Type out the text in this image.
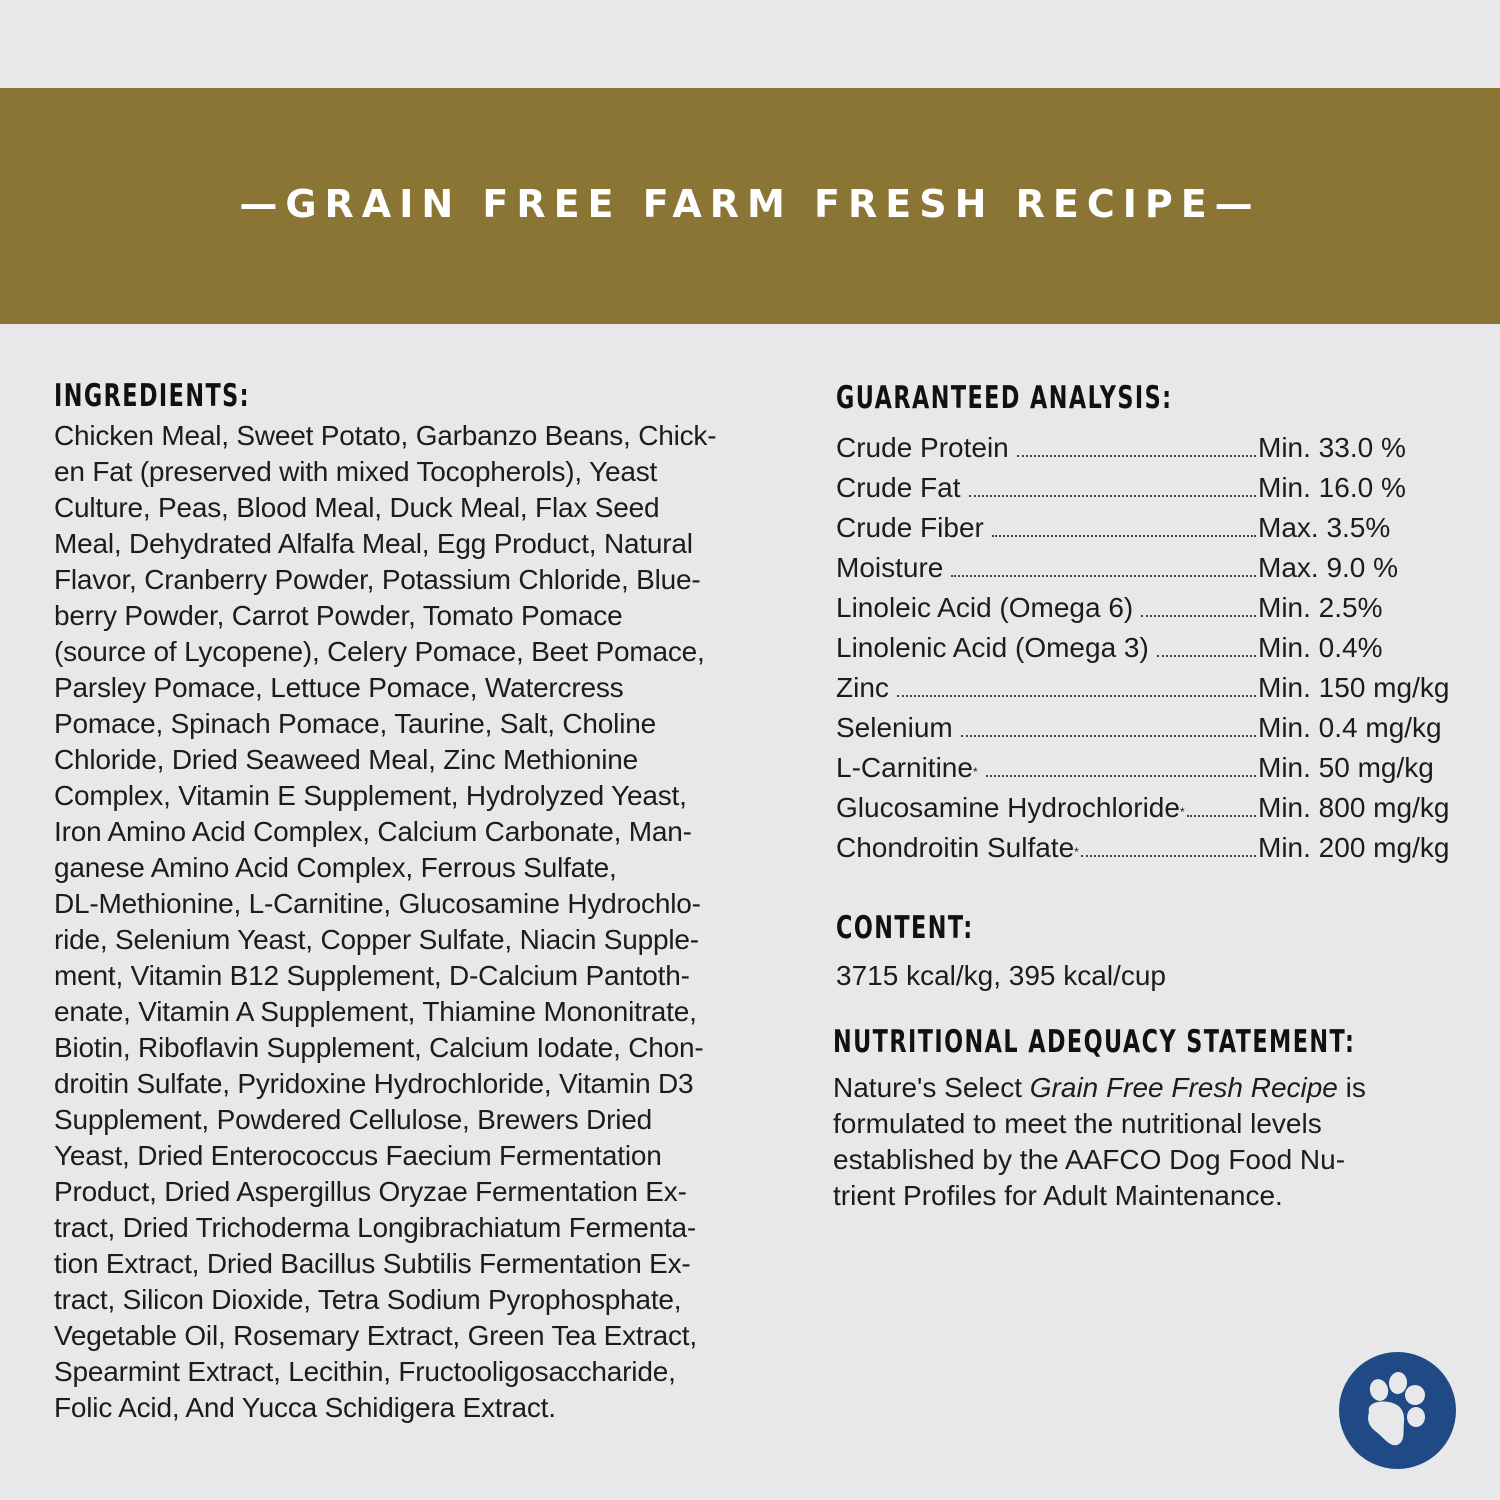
—GRAIN FREE FARM FRESH RECIPE—
INGREDIENTS:
Chicken Meal, Sweet Potato, Garbanzo Beans, Chick-
en Fat (preserved with mixed Tocopherols), Yeast
Culture, Peas, Blood Meal, Duck Meal, Flax Seed
Meal, Dehydrated Alfalfa Meal, Egg Product, Natural
Flavor, Cranberry Powder, Potassium Chloride, Blue-
berry Powder, Carrot Powder, Tomato Pomace
(source of Lycopene), Celery Pomace, Beet Pomace,
Parsley Pomace, Lettuce Pomace, Watercress
Pomace, Spinach Pomace, Taurine, Salt, Choline
Chloride, Dried Seaweed Meal, Zinc Methionine
Complex, Vitamin E Supplement, Hydrolyzed Yeast,
Iron Amino Acid Complex, Calcium Carbonate, Man-
ganese Amino Acid Complex, Ferrous Sulfate,
DL-Methionine, L-Carnitine, Glucosamine Hydrochlo-
ride, Selenium Yeast, Copper Sulfate, Niacin Supple-
ment, Vitamin B12 Supplement, D-Calcium Pantoth-
enate, Vitamin A Supplement, Thiamine Mononitrate,
Biotin, Riboflavin Supplement, Calcium Iodate, Chon-
droitin Sulfate, Pyridoxine Hydrochloride, Vitamin D3
Supplement, Powdered Cellulose, Brewers Dried
Yeast, Dried Enterococcus Faecium Fermentation
Product, Dried Aspergillus Oryzae Fermentation Ex-
tract, Dried Trichoderma Longibrachiatum Fermenta-
tion Extract, Dried Bacillus Subtilis Fermentation Ex-
tract, Silicon Dioxide, Tetra Sodium Pyrophosphate,
Vegetable Oil, Rosemary Extract, Green Tea Extract,
Spearmint Extract, Lecithin, Fructooligosaccharide,
Folic Acid, And Yucca Schidigera Extract.
GUARANTEED ANALYSIS:
Crude Protein	Min. 33.0 %
Crude Fat	Min. 16.0 %
Crude Fiber	Max. 3.5%
Moisture	Max. 9.0 %
Linoleic Acid (Omega 6)	Min. 2.5%
Linolenic Acid (Omega 3)	Min. 0.4%
Zinc	Min. 150 mg/kg
Selenium	Min. 0.4 mg/kg
L-Carnitine*	Min. 50 mg/kg
Glucosamine Hydrochloride*	Min. 800 mg/kg
Chondroitin Sulfate*	Min. 200 mg/kg
CONTENT:
3715 kcal/kg, 395 kcal/cup
NUTRITIONAL ADEQUACY STATEMENT:
Nature's Select Grain Free Fresh Recipe is
formulated to meet the nutritional levels
established by the AAFCO Dog Food Nu-
trient Profiles for Adult Maintenance.
